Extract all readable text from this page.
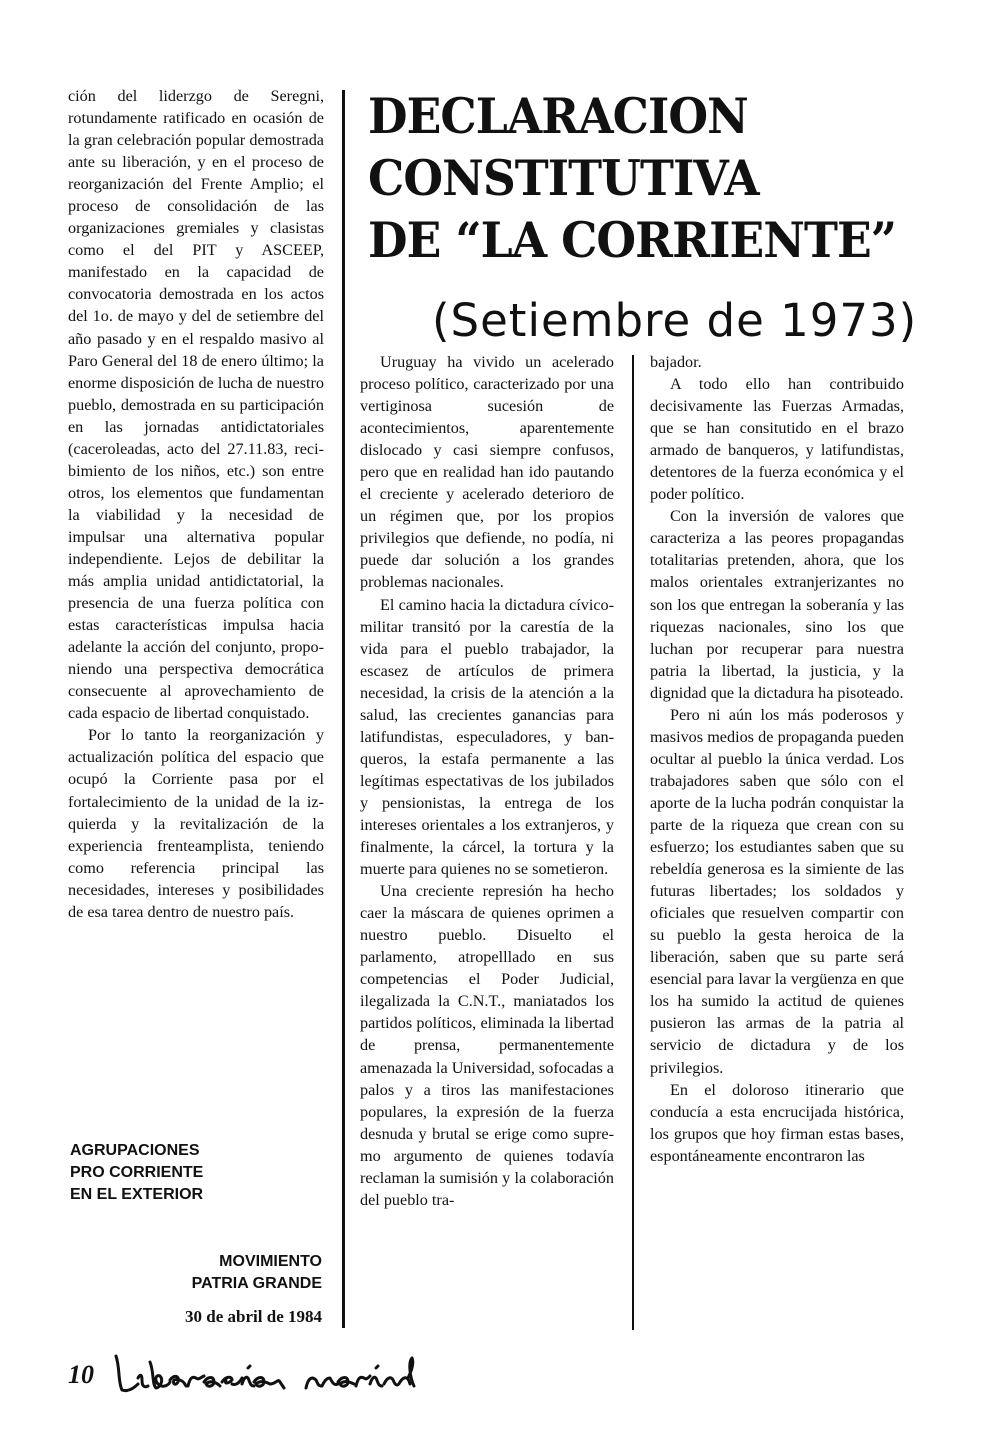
ción del liderzgo de Seregni, rotundamente ratificado en ocasión de la gran celebración popular demostrada ante su liberación, y en el proceso de reorganización del Frente Amplio; el proceso de consolidación de las organizaciones gremiales y clasistas como el del PIT y ASCEEP, manifestado en la capacidad de convocatoria demostrada en los actos del 1o. de mayo y del de setiembre del año pasado y en el respaldo masivo al Paro General del 18 de enero último; la enorme disposición de lucha de nuestro pueblo, demostrada en su participación en las jornadas antidictatoriales (caceroleаdas, acto del 27.11.83, recibimiento de los niños, etc.) son entre otros, los elementos que fundamentan la viabilidad y la necesidad de impulsar una alternativa popular independiente. Lejos de debilitar la más amplia unidad antidictatorial, la presencia de una fuerza política con estas características impulsa hacia adelante la acción del conjunto, proponiendo una perspectiva democrática consecuente al aprovechamiento de cada espacio de libertad conquistado.

Por lo tanto la reorganización y actualización política del espacio que ocupó la Corriente pasa por el fortalecimiento de la unidad de la izquierda y la revitalización de la experiencia frenteamplista, teniendo como referencia principal las necesidades, intereses y posibilidades de esa tarea dentro de nuestro país.

AGRUPACIONES
PRO CORRIENTE
EN EL EXTERIOR
MOVIMIENTO
PATRIA GRANDE
30 de abril de 1984
DECLARACION
CONSTITUTIVA
DE “LA CORRIENTE”
(Setiembre de 1973)

Uruguay ha vivido un acelerado proceso político, caracterizado por una vertiginosa sucesión de acontecimientos, aparentemente dislocado y casi siempre confusos, pero que en realidad han ido pautando el creciente y acelerado deterioro de un régimen que, por los propios privilegios que defiende, no podía, ni puede dar solución a los grandes problemas nacionales.

El camino hacia la dictadura cívico-militar transitó por la carestía de la vida para el pueblo trabajador, la escasez de artículos de primera necesidad, la crisis de la atención a la salud, las crecientes ganancias para latifundistas, especuladores, y banqueros, la estafa permanente a las legítimas espectativas de los jubilados y pensionistas, la entrega de los intereses orientales a los extranjeros, y finalmente, la cárcel, la tortura y la muerte para quienes no se sometieron.

Una creciente represión ha hecho caer la máscara de quienes oprimen a nuestro pueblo. Disuelto el parlamento, atropelllado en sus competencias el Poder Judicial, ilegalizada la C.N.T., maniatados los partidos políticos, eliminada la libertad de prensa, permanentemente amenazada la Universidad, sofocadas a palos y a tiros las manifestaciones populares, la expresión de la fuerza desnuda y brutal se erige como supremo argumento de quienes todavía reclaman la sumisión y la colaboración del pueblo tra-

bajador.

A todo ello han contribuido decisivamente las Fuerzas Armadas, que se han consitutido en el brazo armado de banqueros, y latifundistas, detentores de la fuerza económica y el poder político.

Con la inversión de valores que caracteriza a las peores propagandas totalitarias pretenden, ahora, que los malos orientales extranjerizantes no son los que entregan la soberanía y las riquezas nacionales, sino los que luchan por recuperar para nuestra patria la libertad, la justicia, y la dignidad que la dictadura ha pisoteado.

Pero ni aún los más poderosos y masivos medios de propaganda pueden ocultar al pueblo la única verdad. Los trabajadores saben que sólo con el aporte de la lucha podrán conquistar la parte de la riqueza que crean con su esfuerzo; los estudiantes saben que su rebeldía generosa es la simiente de las futuras libertades; los soldados y oficiales que resuelven compartir con su pueblo la gesta heroica de la liberación, saben que su parte será esencial para lavar la vergüenza en que los ha sumido la actitud de quienes pusieron las armas de la patria al servicio de dictadura y de los privilegios.

En el doloroso itinerario que conducía a esta encrucijada histórica, los grupos que hoy firman estas bases, espontáneamente encontraron las

10
